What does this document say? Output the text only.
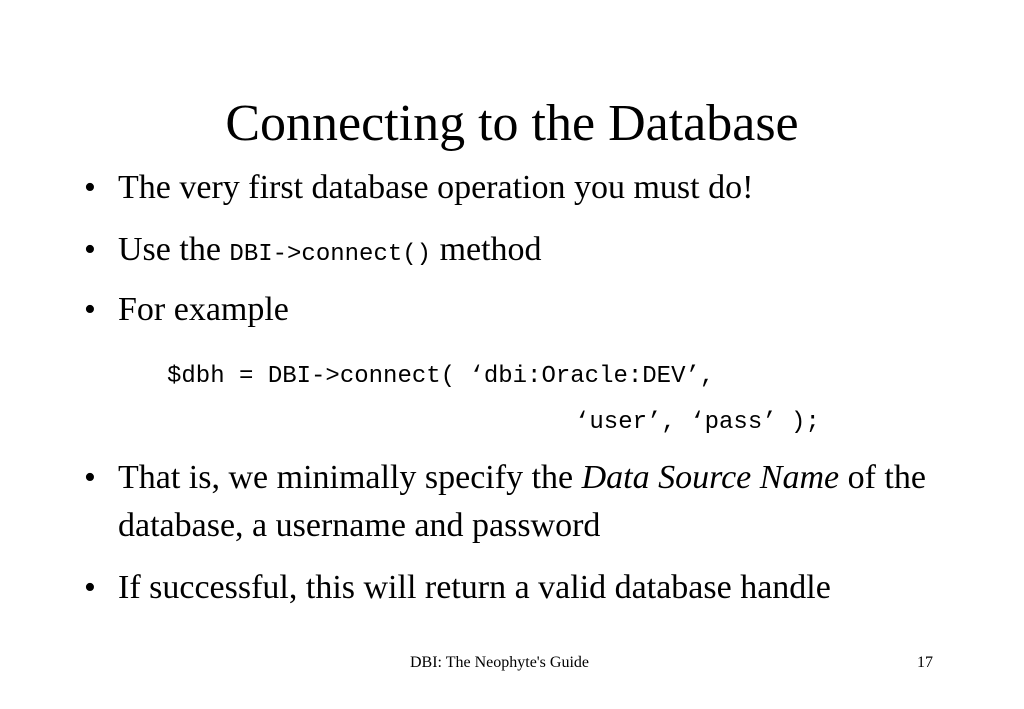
Connecting to the Database
• The very first database operation you must do!
• Use the DBI->connect() method
• For example
$dbh = DBI->connect( ‘dbi:Oracle:DEV’,
‘user’, ‘pass’ );
• That is, we minimally specify the Data Source Name of the database, a username and password
• If successful, this will return a valid database handle
DBI: The Neophyte's Guide	17
